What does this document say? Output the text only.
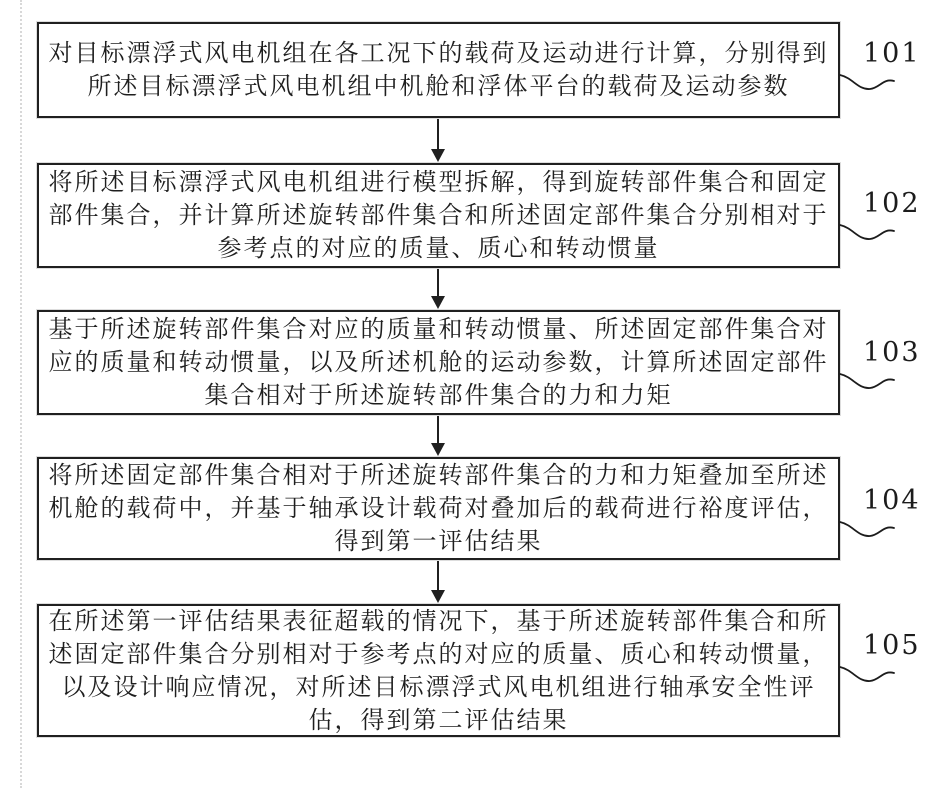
对目标漂浮式风电机组在各工况下的载荷及运动进行计算，分别得到
所述目标漂浮式风电机组中机舱和浮体平台的载荷及运动参数
将所述目标漂浮式风电机组进行模型拆解，得到旋转部件集合和固定
部件集合，并计算所述旋转部件集合和所述固定部件集合分别相对于
参考点的对应的质量、质心和转动惯量
基于所述旋转部件集合对应的质量和转动惯量、所述固定部件集合对
应的质量和转动惯量，以及所述机舱的运动参数，计算所述固定部件
集合相对于所述旋转部件集合的力和力矩
将所述固定部件集合相对于所述旋转部件集合的力和力矩叠加至所述
机舱的载荷中，并基于轴承设计载荷对叠加后的载荷进行裕度评估，
得到第一评估结果
在所述第一评估结果表征超载的情况下，基于所述旋转部件集合和所
述固定部件集合分别相对于参考点的对应的质量、质心和转动惯量，
以及设计响应情况，对所述目标漂浮式风电机组进行轴承安全性评
估，得到第二评估结果
101
102
103
104
105
